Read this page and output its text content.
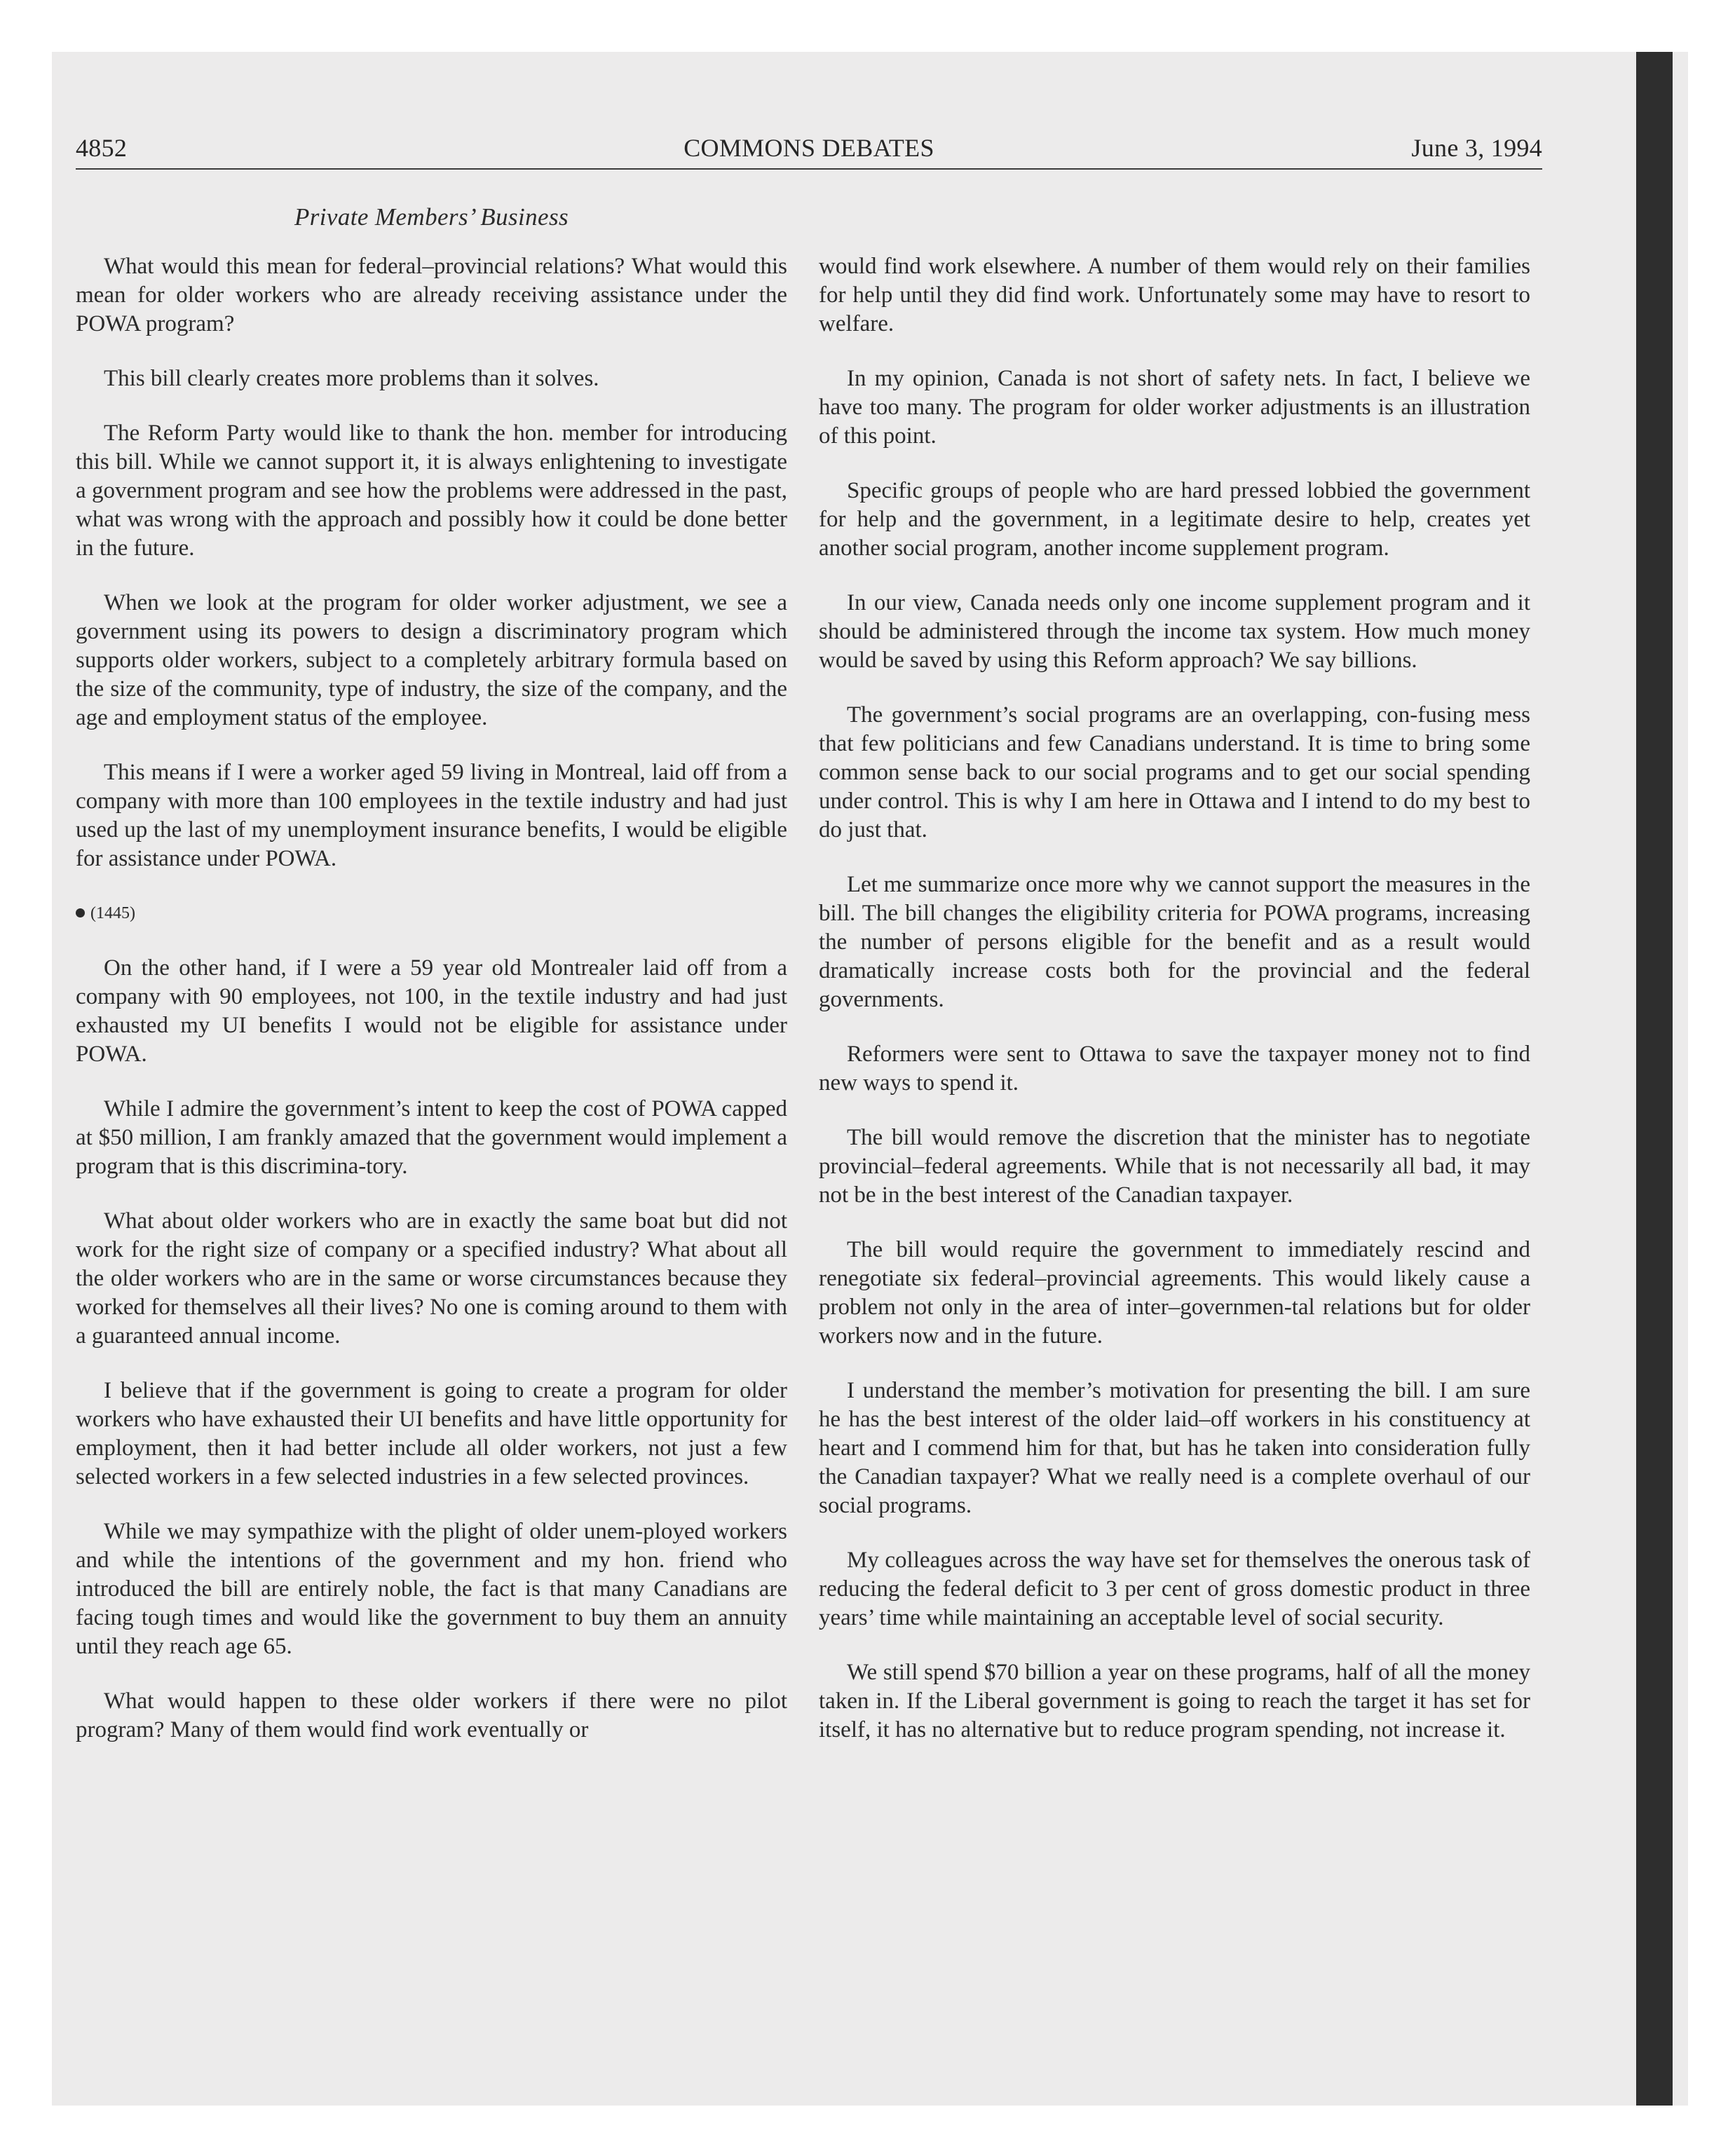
4852	COMMONS DEBATES	June 3, 1994
Private Members’ Business

What would this mean for federal–provincial relations? What would this mean for older workers who are already receiving assistance under the POWA program?

This bill clearly creates more problems than it solves.

The Reform Party would like to thank the hon. member for introducing this bill. While we cannot support it, it is always enlightening to investigate a government program and see how the problems were addressed in the past, what was wrong with the approach and possibly how it could be done better in the future.

When we look at the program for older worker adjustment, we see a government using its powers to design a discriminatory program which supports older workers, subject to a completely arbitrary formula based on the size of the community, type of industry, the size of the company, and the age and employment status of the employee.

This means if I were a worker aged 59 living in Montreal, laid off from a company with more than 100 employees in the textile industry and had just used up the last of my unemployment insurance benefits, I would be eligible for assistance under POWA.

(1445)

On the other hand, if I were a 59 year old Montrealer laid off from a company with 90 employees, not 100, in the textile industry and had just exhausted my UI benefits I would not be eligible for assistance under POWA.

While I admire the government’s intent to keep the cost of POWA capped at $50 million, I am frankly amazed that the government would implement a program that is this discrimina-tory.

What about older workers who are in exactly the same boat but did not work for the right size of company or a specified industry? What about all the older workers who are in the same or worse circumstances because they worked for themselves all their lives? No one is coming around to them with a guaranteed annual income.

I believe that if the government is going to create a program for older workers who have exhausted their UI benefits and have little opportunity for employment, then it had better include all older workers, not just a few selected workers in a few selected industries in a few selected provinces.

While we may sympathize with the plight of older unem-ployed workers and while the intentions of the government and my hon. friend who introduced the bill are entirely noble, the fact is that many Canadians are facing tough times and would like the government to buy them an annuity until they reach age 65.

What would happen to these older workers if there were no pilot program? Many of them would find work eventually or

would find work elsewhere. A number of them would rely on their families for help until they did find work. Unfortunately some may have to resort to welfare.

In my opinion, Canada is not short of safety nets. In fact, I believe we have too many. The program for older worker adjustments is an illustration of this point.

Specific groups of people who are hard pressed lobbied the government for help and the government, in a legitimate desire to help, creates yet another social program, another income supplement program.

In our view, Canada needs only one income supplement program and it should be administered through the income tax system. How much money would be saved by using this Reform approach? We say billions.

The government’s social programs are an overlapping, con-fusing mess that few politicians and few Canadians understand. It is time to bring some common sense back to our social programs and to get our social spending under control. This is why I am here in Ottawa and I intend to do my best to do just that.

Let me summarize once more why we cannot support the measures in the bill. The bill changes the eligibility criteria for POWA programs, increasing the number of persons eligible for the benefit and as a result would dramatically increase costs both for the provincial and the federal governments.

Reformers were sent to Ottawa to save the taxpayer money not to find new ways to spend it.

The bill would remove the discretion that the minister has to negotiate provincial–federal agreements. While that is not necessarily all bad, it may not be in the best interest of the Canadian taxpayer.

The bill would require the government to immediately rescind and renegotiate six federal–provincial agreements. This would likely cause a problem not only in the area of inter–governmen-tal relations but for older workers now and in the future.

I understand the member’s motivation for presenting the bill. I am sure he has the best interest of the older laid–off workers in his constituency at heart and I commend him for that, but has he taken into consideration fully the Canadian taxpayer? What we really need is a complete overhaul of our social programs.

My colleagues across the way have set for themselves the onerous task of reducing the federal deficit to 3 per cent of gross domestic product in three years’ time while maintaining an acceptable level of social security.

We still spend $70 billion a year on these programs, half of all the money taken in. If the Liberal government is going to reach the target it has set for itself, it has no alternative but to reduce program spending, not increase it.
